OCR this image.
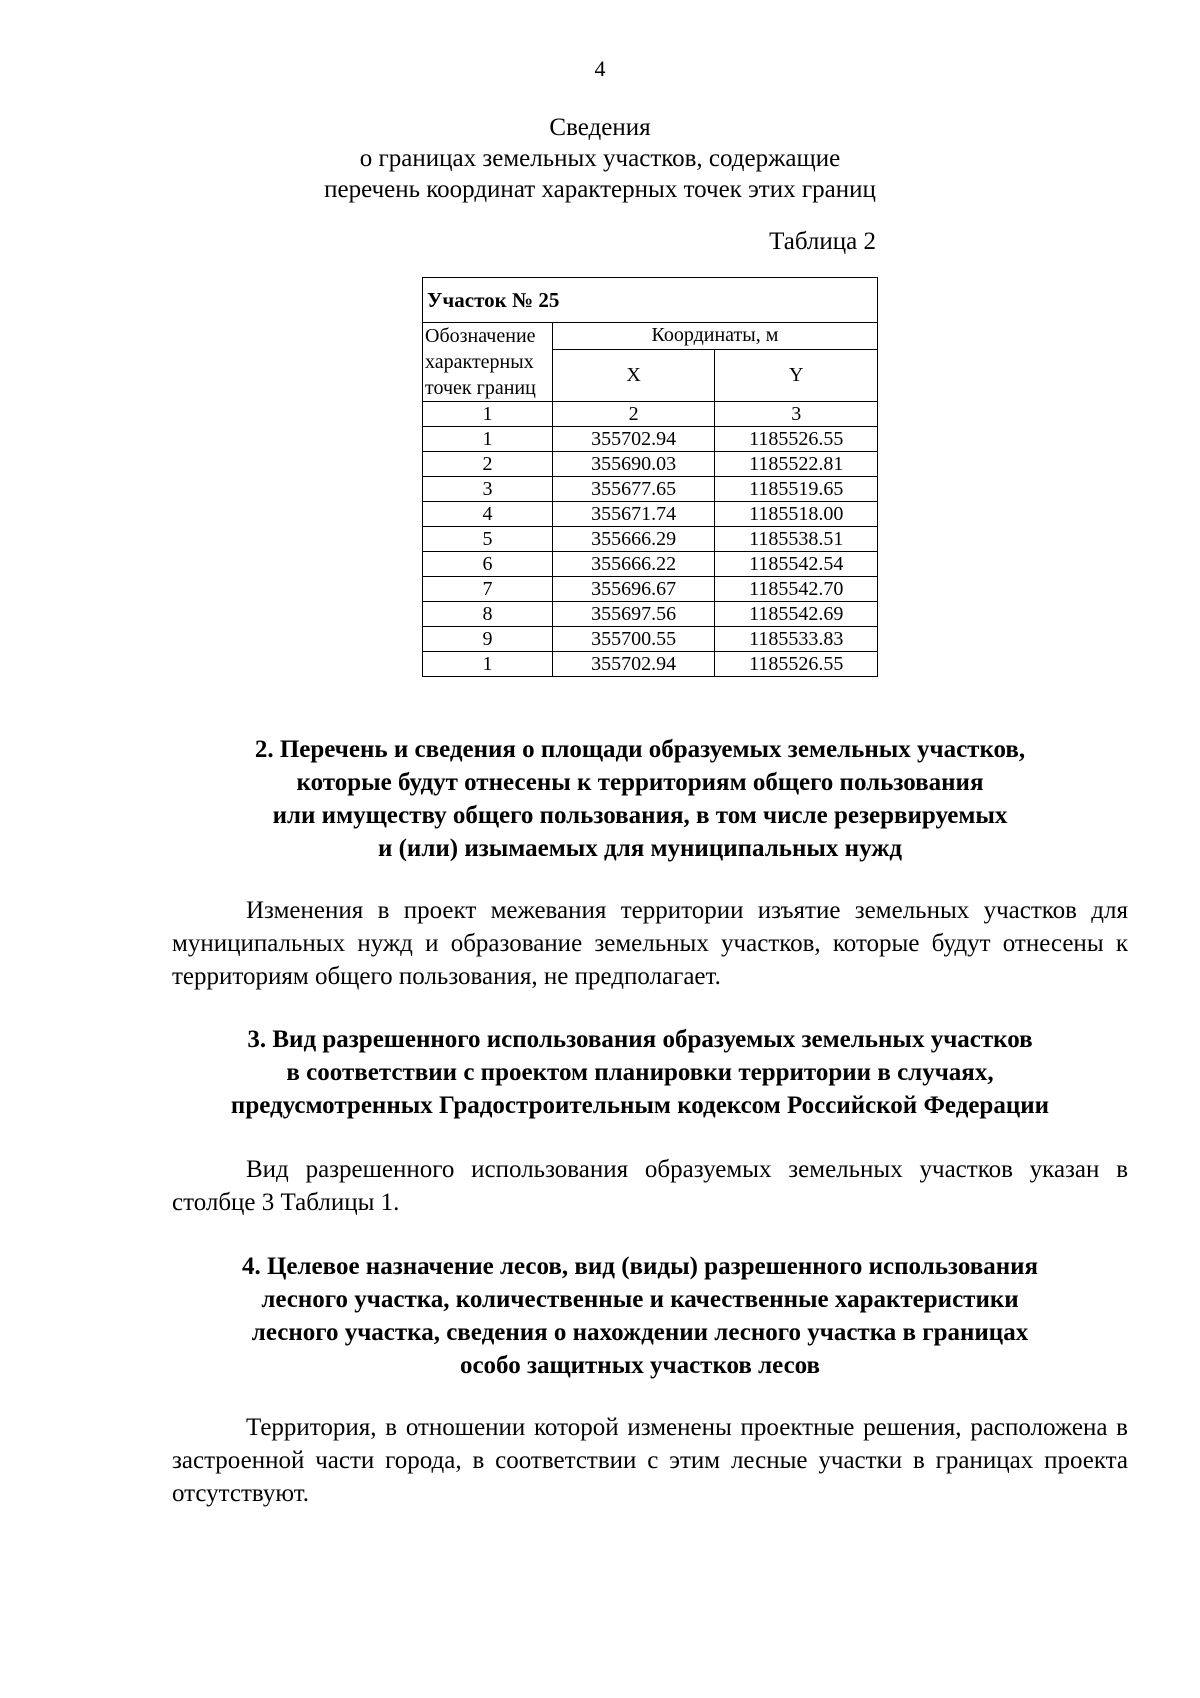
4
Сведения
о границах земельных участков, содержащие
перечень координат характерных точек этих границ
Таблица 2
Участок № 25		
Обозначение характерных точек границ	Координаты, м	
	X	Y
1	2	3
1	355702.94	1185526.55
2	355690.03	1185522.81
3	355677.65	1185519.65
4	355671.74	1185518.00
5	355666.29	1185538.51
6	355666.22	1185542.54
7	355696.67	1185542.70
8	355697.56	1185542.69
9	355700.55	1185533.83
1	355702.94	1185526.55
2. Перечень и сведения о площади образуемых земельных участков,
которые будут отнесены к территориям общего пользования
или имуществу общего пользования, в том числе резервируемых
и (или) изымаемых для муниципальных нужд
Изменения в проект межевания территории изъятие земельных участков для муниципальных нужд и образование земельных участков, которые будут отнесены к территориям общего пользования, не предполагает.
3. Вид разрешенного использования образуемых земельных участков
в соответствии с проектом планировки территории в случаях,
предусмотренных Градостроительным кодексом Российской Федерации
Вид разрешенного использования образуемых земельных участков указан в столбце 3 Таблицы 1.
4. Целевое назначение лесов, вид (виды) разрешенного использования
лесного участка, количественные и качественные характеристики
лесного участка, сведения о нахождении лесного участка в границах
особо защитных участков лесов
Территория, в отношении которой изменены проектные решения, расположена в застроенной части города, в соответствии с этим лесные участки в границах проекта отсутствуют.
